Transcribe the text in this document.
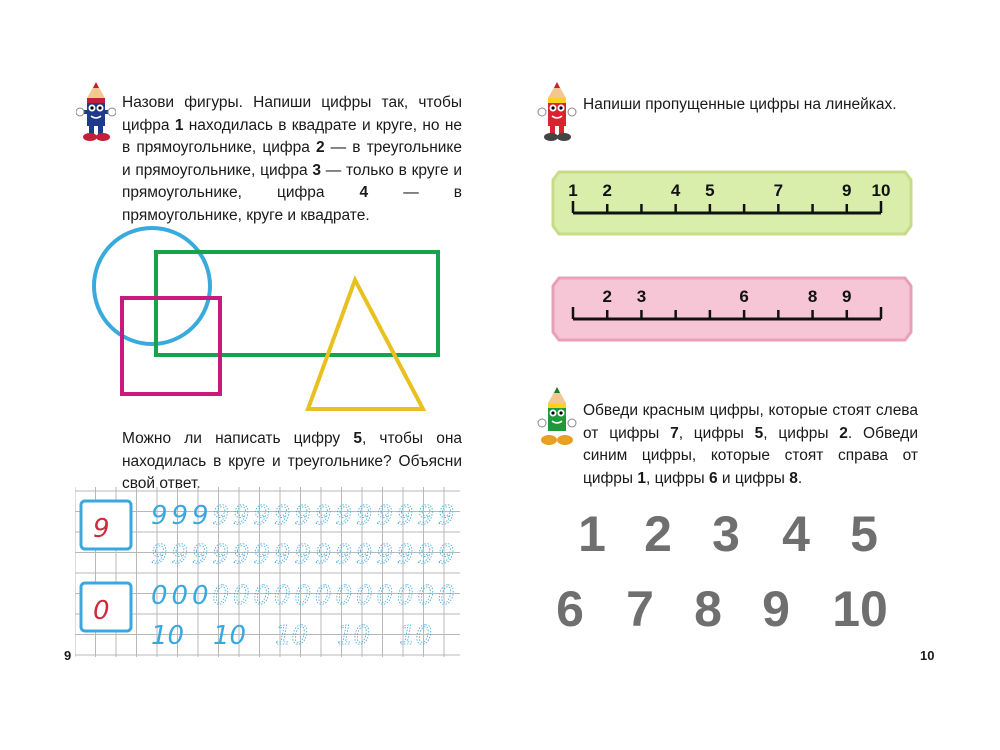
Назови фигуры. Напиши цифры так, чтобы цифра 1 находилась в квадрате и круге, но не в прямоугольнике, цифра 2 — в треугольнике и прямоугольнике, цифра 3 — только в круге и прямоугольнике, цифра 4 — в прямоугольнике, круге и квадрате.
Можно ли написать цифру 5, чтобы она находилась в круге и треугольнике? Объясни свой ответ.
9
0
9 9 9 9 9 9 9 9 9 9 9 9 9 9 9
9 9 9 9 9 9 9 9 9 9 9 9 9 9 9
0 0 0 0 0 0 0 0 0 0 0 0 0 0 0
10 10 10 10 10
9
Напиши пропущенные цифры на линейках.
1 2	4 5	7	9 10
2 3	6	8 9
Обведи красным цифры, которые стоят слева от цифры 7, цифры 5, цифры 2. Обведи синим цифры, которые стоят справа от цифры 1, цифры 6 и цифры 8.
1 2 3 4 5
6 7 8 9 10
10
